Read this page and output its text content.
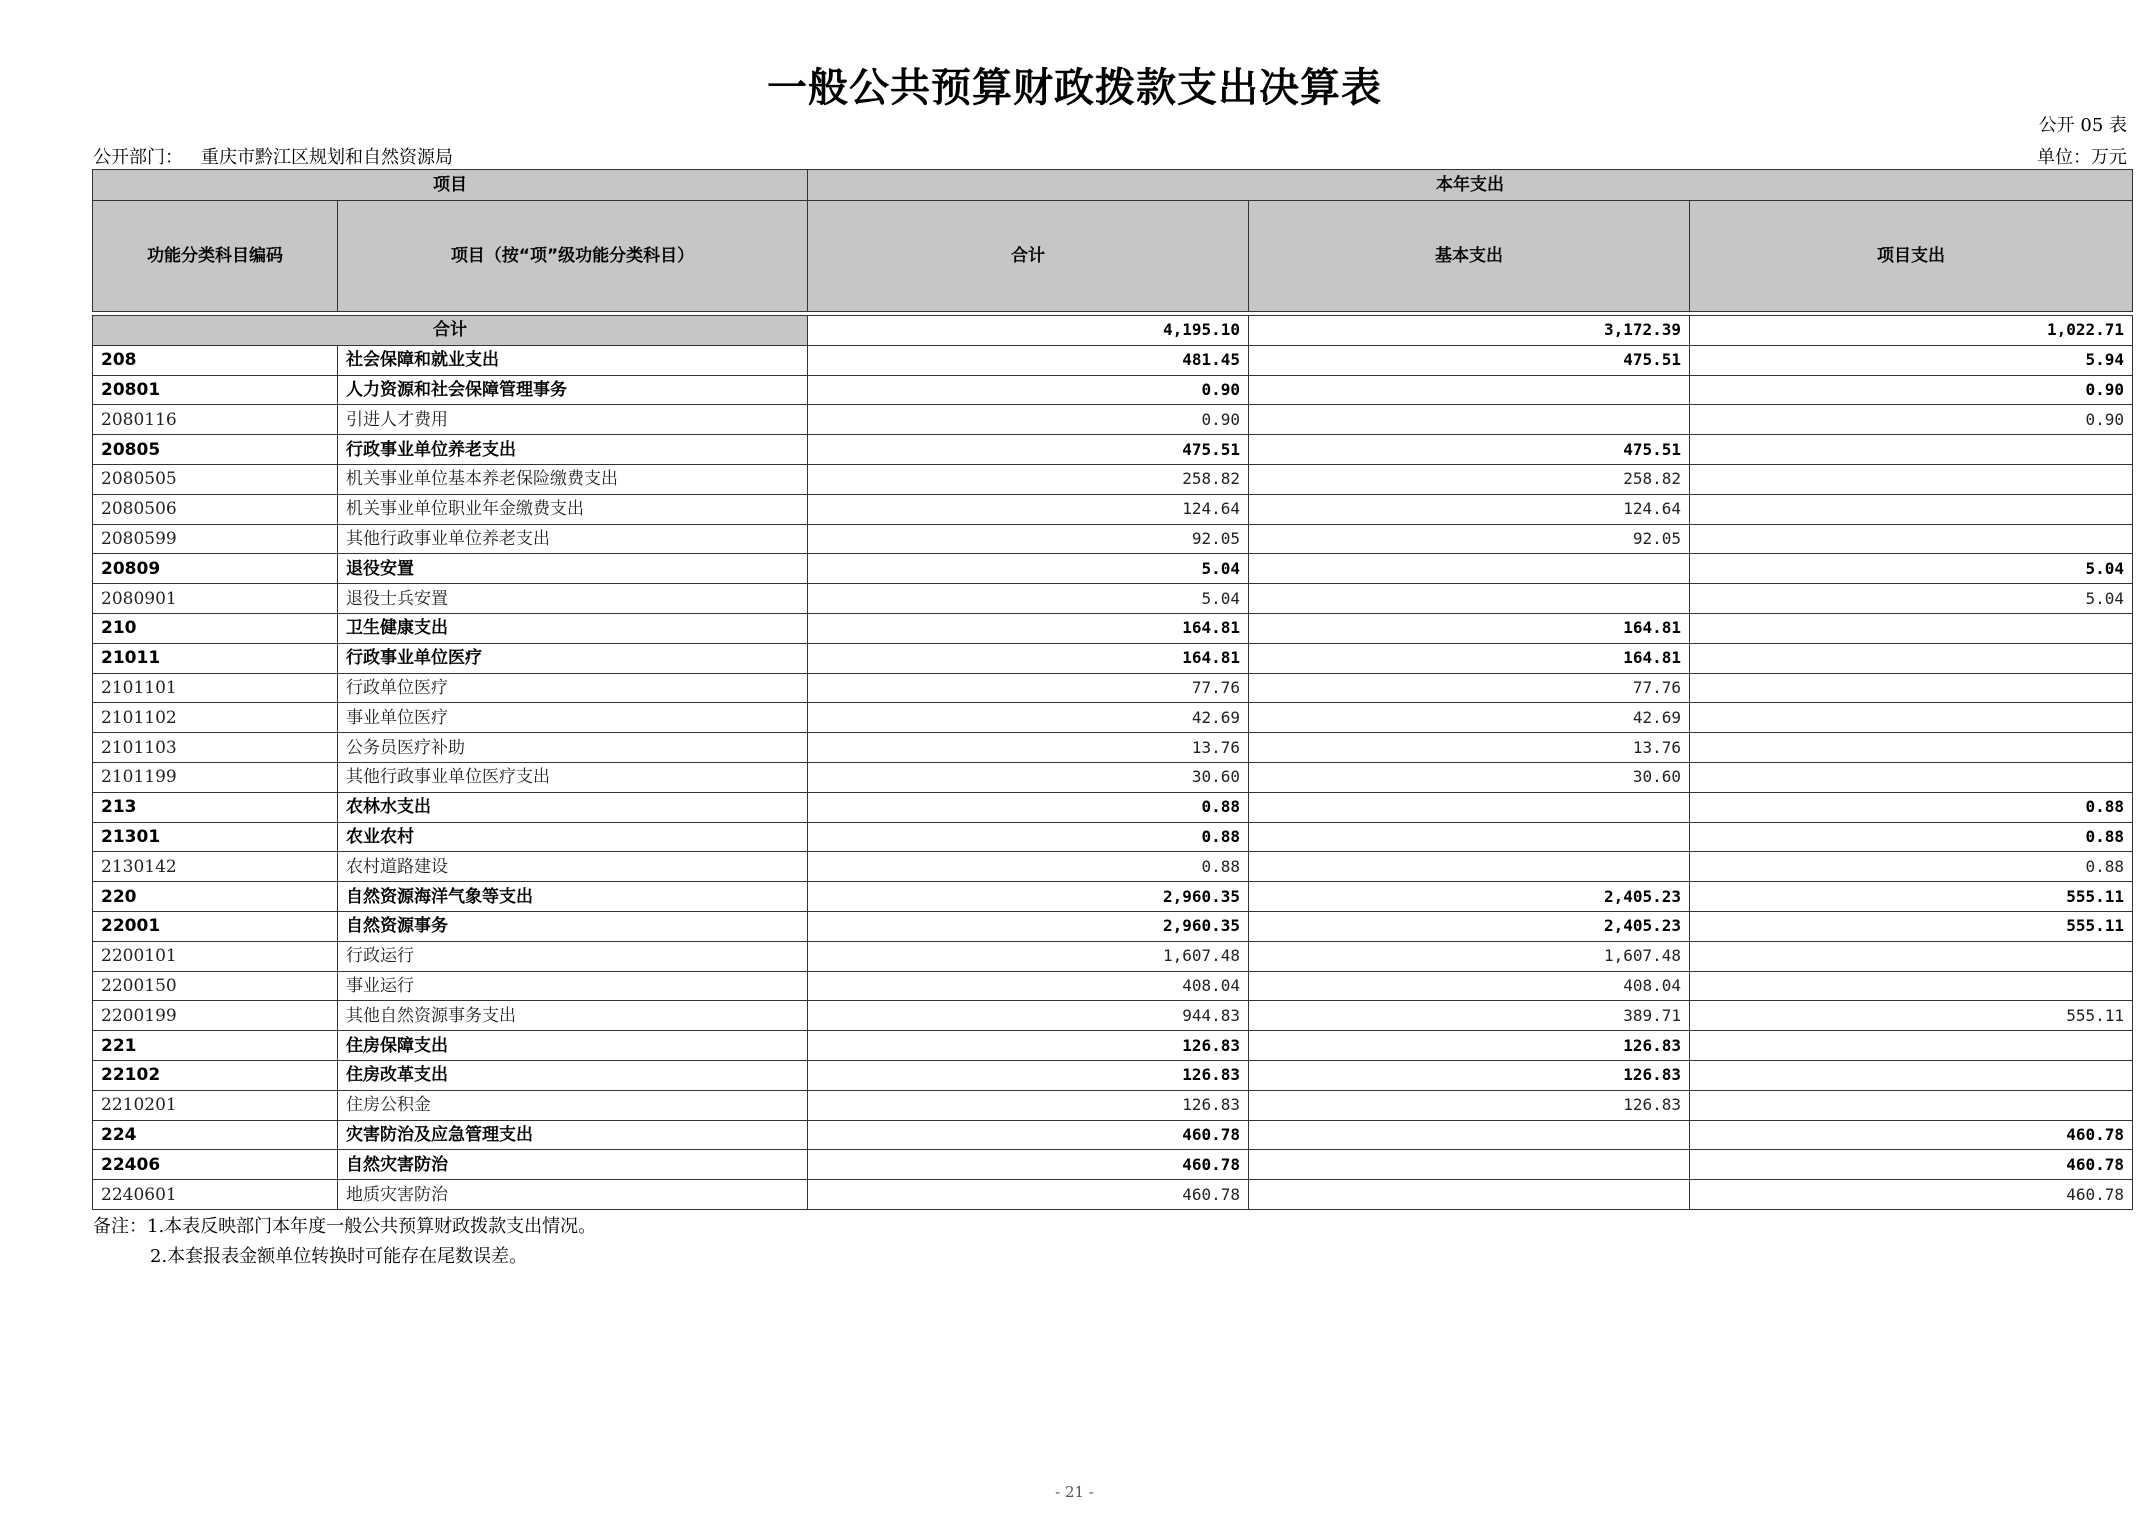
一般公共预算财政拨款支出决算表
公开 05 表
公开部门： 重庆市黔江区规划和自然资源局	单位：万元
项目		本年支出		
功能分类科目编码	项目（按“项”级功能分类科目）	合计	基本支出	项目支出

合计		4,195.10	3,172.39	1,022.71
208	社会保障和就业支出	481.45	475.51	5.94
20801	人力资源和社会保障管理事务	0.90		0.90
2080116	引进人才费用	0.90		0.90
20805	行政事业单位养老支出	475.51	475.51	
2080505	机关事业单位基本养老保险缴费支出	258.82	258.82	
2080506	机关事业单位职业年金缴费支出	124.64	124.64	
2080599	其他行政事业单位养老支出	92.05	92.05	
20809	退役安置	5.04		5.04
2080901	退役士兵安置	5.04		5.04
210	卫生健康支出	164.81	164.81	
21011	行政事业单位医疗	164.81	164.81	
2101101	行政单位医疗	77.76	77.76	
2101102	事业单位医疗	42.69	42.69	
2101103	公务员医疗补助	13.76	13.76	
2101199	其他行政事业单位医疗支出	30.60	30.60	
213	农林水支出	0.88		0.88
21301	农业农村	0.88		0.88
2130142	农村道路建设	0.88		0.88
220	自然资源海洋气象等支出	2,960.35	2,405.23	555.11
22001	自然资源事务	2,960.35	2,405.23	555.11
2200101	行政运行	1,607.48	1,607.48	
2200150	事业运行	408.04	408.04	
2200199	其他自然资源事务支出	944.83	389.71	555.11
221	住房保障支出	126.83	126.83	
22102	住房改革支出	126.83	126.83	
2210201	住房公积金	126.83	126.83	
224	灾害防治及应急管理支出	460.78		460.78
22406	自然灾害防治	460.78		460.78
2240601	地质灾害防治	460.78		460.78
备注：1.本表反映部门本年度一般公共预算财政拨款支出情况。
2.本套报表金额单位转换时可能存在尾数误差。
- 21 -
